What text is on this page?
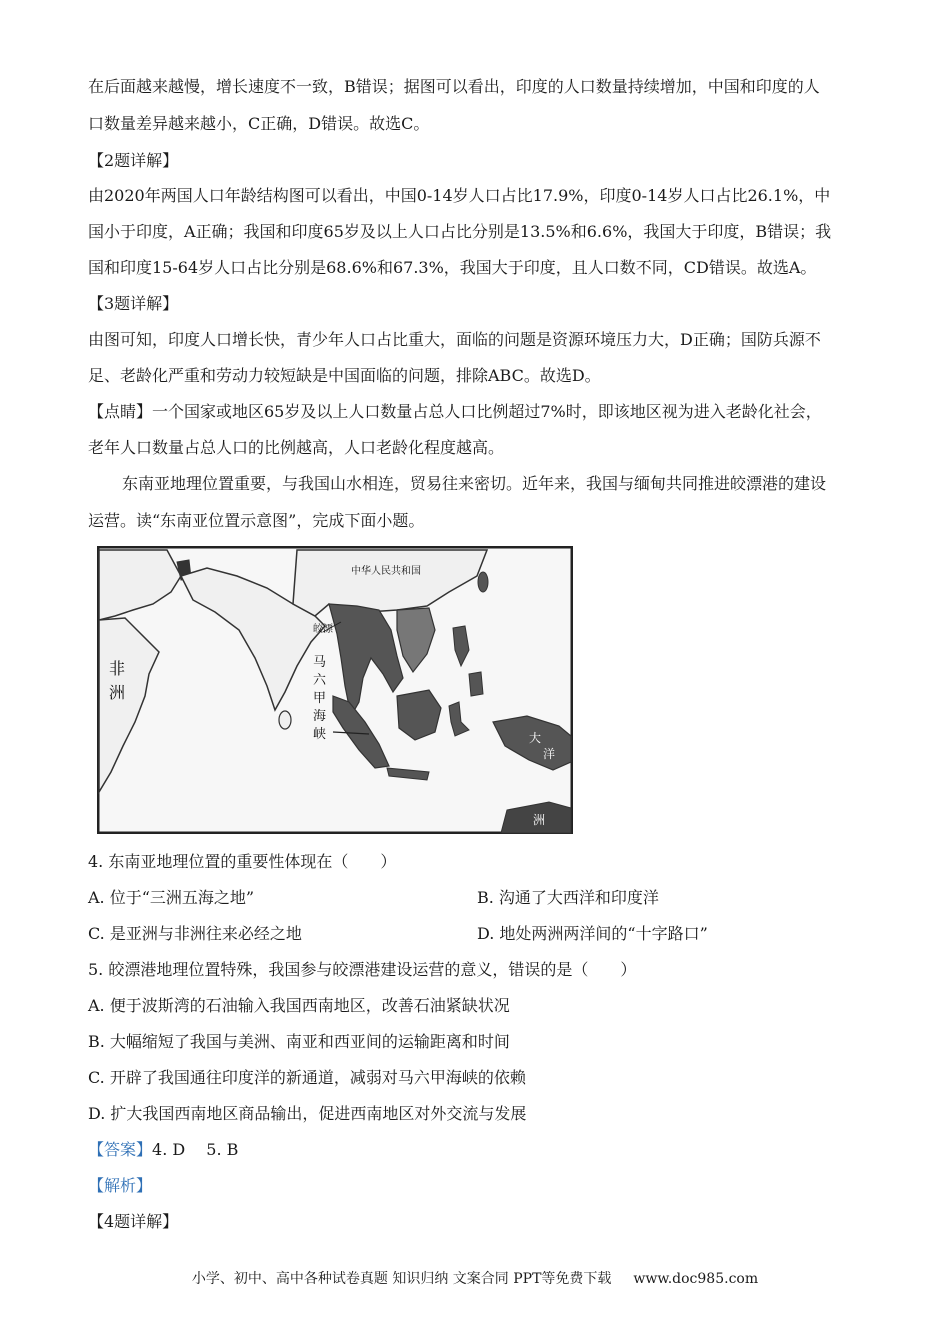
在后面越来越慢，增长速度不一致，B错误；据图可以看出，印度的人口数量持续增加，中国和印度的人
口数量差异越来越小，C正确，D错误。故选C。
【2题详解】
由2020年两国人口年龄结构图可以看出，中国0-14岁人口占比17.9%，印度0-14岁人口占比26.1%，中
国小于印度，A正确；我国和印度65岁及以上人口占比分别是13.5%和6.6%，我国大于印度，B错误；我
国和印度15-64岁人口占比分别是68.6%和67.3%，我国大于印度，且人口数不同，CD错误。故选A。
【3题详解】
由图可知，印度人口增长快，青少年人口占比重大，面临的问题是资源环境压力大，D正确；国防兵源不
足、老龄化严重和劳动力较短缺是中国面临的问题，排除ABC。故选D。
【点睛】一个国家或地区65岁及以上人口数量占总人口比例超过7%时，即该地区视为进入老龄化社会，
老年人口数量占总人口的比例越高，人口老龄化程度越高。
东南亚地理位置重要，与我国山水相连，贸易往来密切。近年来，我国与缅甸共同推进皎漂港的建设
运营。读“东南亚位置示意图”，完成下面小题。
中华人民共和国
皎漂
非
洲
马
六
甲
海
峡	大
洋
洲
4. 东南亚地理位置的重要性体现在（　　）
A. 位于“三洲五海之地”	B. 沟通了大西洋和印度洋
C. 是亚洲与非洲往来必经之地	D. 地处两洲两洋间的“十字路口”
5. 皎漂港地理位置特殊，我国参与皎漂港建设运营的意义，错误的是（　　）
A. 便于波斯湾的石油输入我国西南地区，改善石油紧缺状况
B. 大幅缩短了我国与美洲、南亚和西亚间的运输距离和时间
C. 开辟了我国通往印度洋的新通道，减弱对马六甲海峡的依赖
D. 扩大我国西南地区商品输出，促进西南地区对外交流与发展
【答案】4. D　 5. B
【解析】
【4题详解】
小学、初中、高中各种试卷真题 知识归纳 文案合同 PPT等免费下载 www.doc985.com
